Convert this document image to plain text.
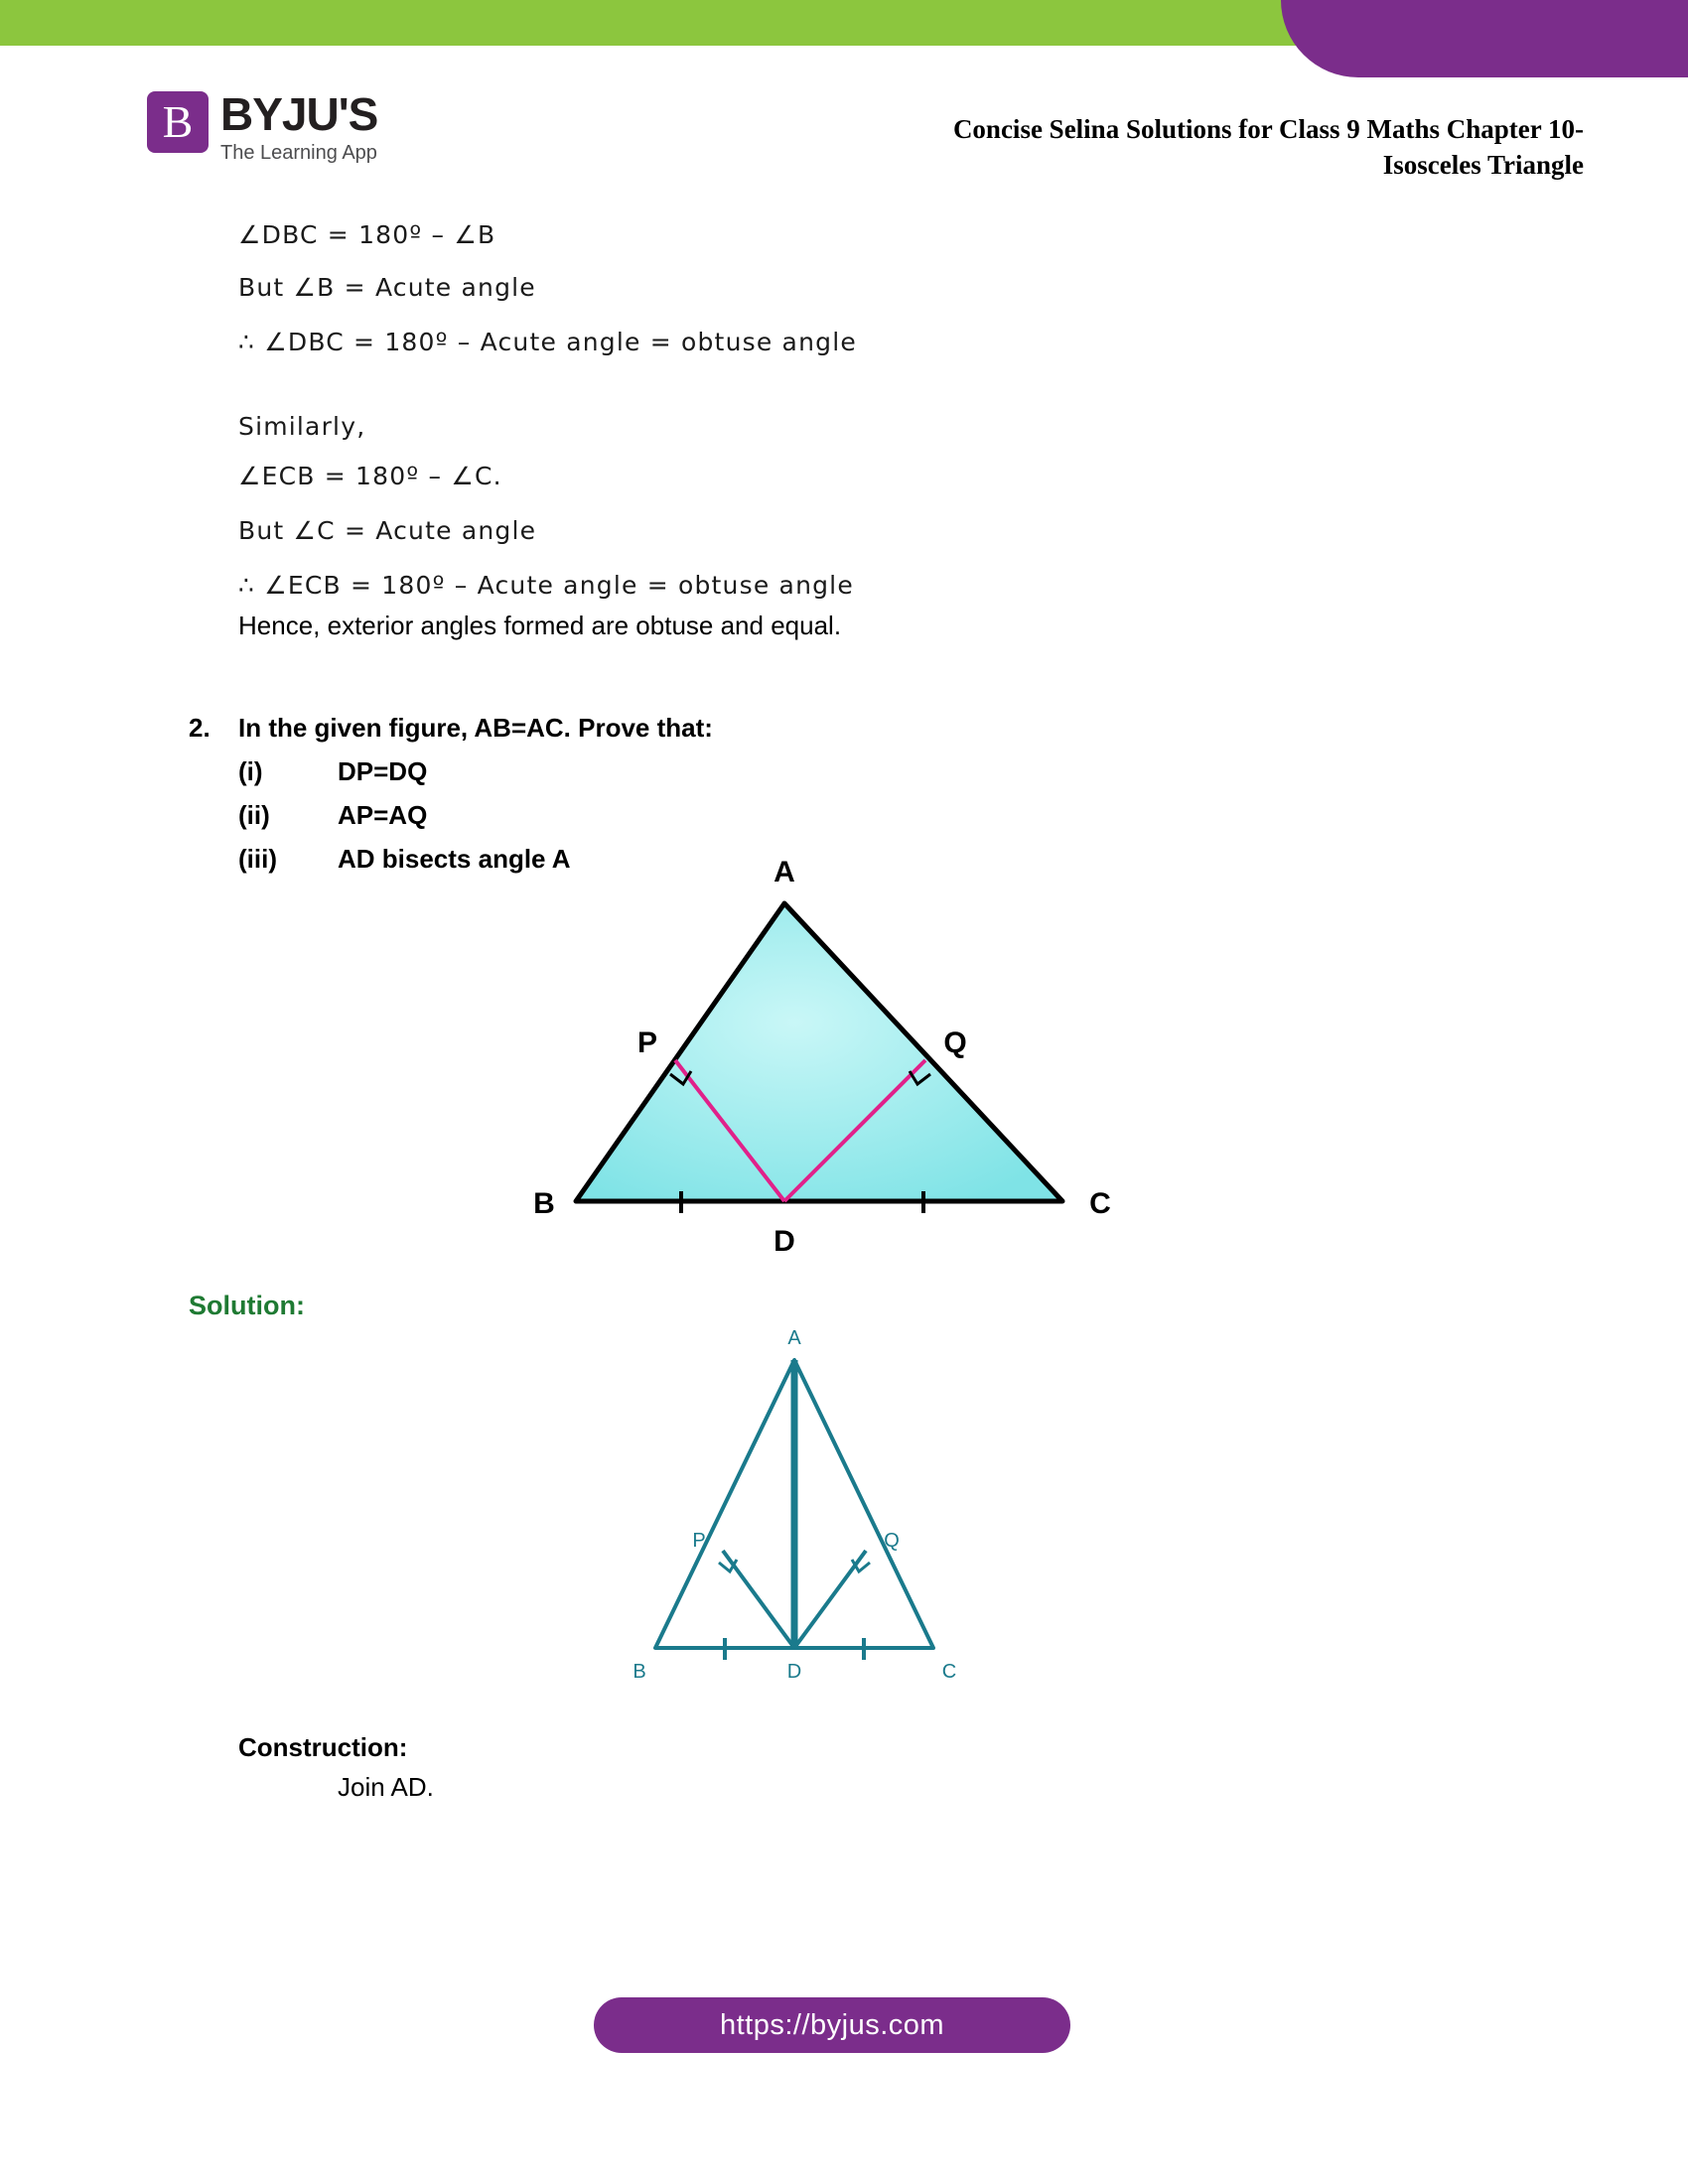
B BYJU'S
The Learning App
Concise Selina Solutions for Class 9 Maths Chapter 10-
Isosceles Triangle
∠DBC = 180º – ∠B
But ∠B = Acute angle
∴ ∠DBC = 180º – Acute angle = obtuse angle
Similarly,
∠ECB = 180º – ∠C.
But ∠C = Acute angle
∴ ∠ECB = 180º – Acute angle = obtuse angle
Hence, exterior angles formed are obtuse and equal.
2. In the given figure, AB=AC. Prove that:
(i)	DP=DQ
(ii)	AP=AQ
(iii) AD bisects angle A	A
B	C
P	Q
D
A
B	C
P	Q
D
Solution:
Construction:
Join AD.
https://byjus.com
